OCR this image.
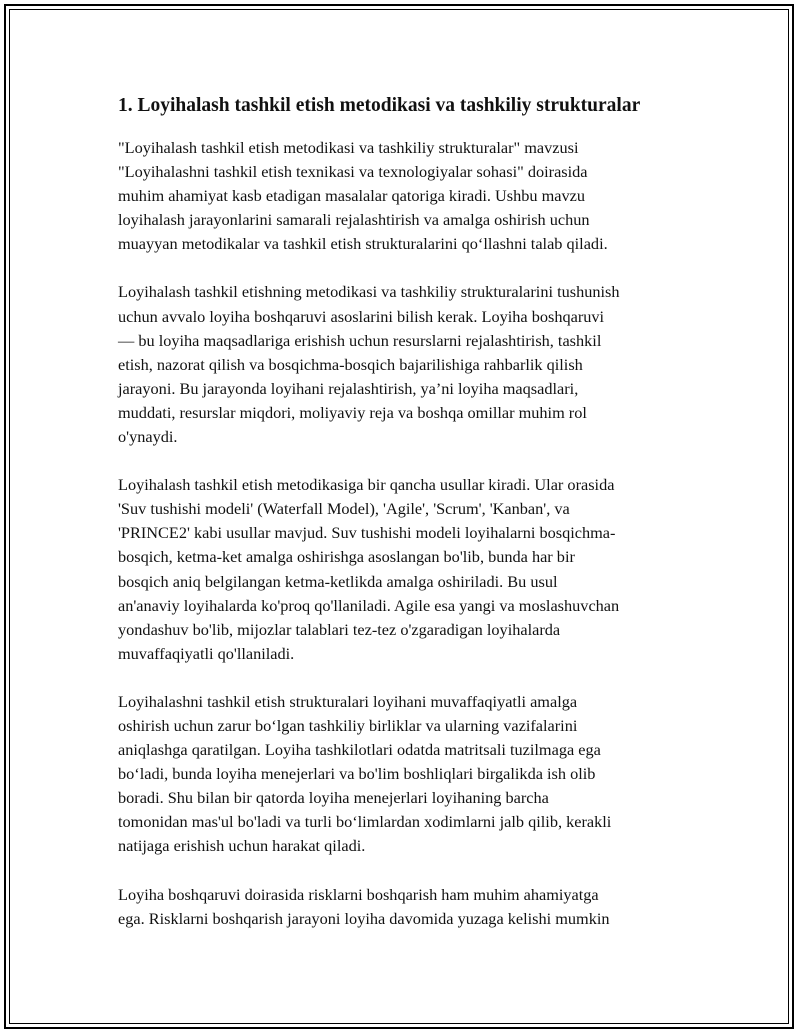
1. Loyihalash tashkil etish metodikasi va tashkiliy strukturalar

"Loyihalash tashkil etish metodikasi va tashkiliy strukturalar" mavzusi
"Loyihalashni tashkil etish texnikasi va texnologiyalar sohasi" doirasida
muhim ahamiyat kasb etadigan masalalar qatoriga kiradi. Ushbu mavzu
loyihalash jarayonlarini samarali rejalashtirish va amalga oshirish uchun
muayyan metodikalar va tashkil etish strukturalarini qo‘llashni talab qiladi.

Loyihalash tashkil etishning metodikasi va tashkiliy strukturalarini tushunish
uchun avvalo loyiha boshqaruvi asoslarini bilish kerak. Loyiha boshqaruvi
— bu loyiha maqsadlariga erishish uchun resurslarni rejalashtirish, tashkil
etish, nazorat qilish va bosqichma-bosqich bajarilishiga rahbarlik qilish
jarayoni. Bu jarayonda loyihani rejalashtirish, ya’ni loyiha maqsadlari,
muddati, resurslar miqdori, moliyaviy reja va boshqa omillar muhim rol
o'ynaydi.

Loyihalash tashkil etish metodikasiga bir qancha usullar kiradi. Ular orasida
'Suv tushishi modeli' (Waterfall Model), 'Agile', 'Scrum', 'Kanban', va
'PRINCE2' kabi usullar mavjud. Suv tushishi modeli loyihalarni bosqichma-
bosqich, ketma-ket amalga oshirishga asoslangan bo'lib, bunda har bir
bosqich aniq belgilangan ketma-ketlikda amalga oshiriladi. Bu usul
an'anaviy loyihalarda ko'proq qo'llaniladi. Agile esa yangi va moslashuvchan
yondashuv bo'lib, mijozlar talablari tez-tez o'zgaradigan loyihalarda
muvaffaqiyatli qo'llaniladi.

Loyihalashni tashkil etish strukturalari loyihani muvaffaqiyatli amalga
oshirish uchun zarur bo‘lgan tashkiliy birliklar va ularning vazifalarini
aniqlashga qaratilgan. Loyiha tashkilotlari odatda matritsali tuzilmaga ega
bo‘ladi, bunda loyiha menejerlari va bo'lim boshliqlari birgalikda ish olib
boradi. Shu bilan bir qatorda loyiha menejerlari loyihaning barcha
tomonidan mas'ul bo'ladi va turli bo‘limlardan xodimlarni jalb qilib, kerakli
natijaga erishish uchun harakat qiladi.

Loyiha boshqaruvi doirasida risklarni boshqarish ham muhim ahamiyatga
ega. Risklarni boshqarish jarayoni loyiha davomida yuzaga kelishi mumkin
